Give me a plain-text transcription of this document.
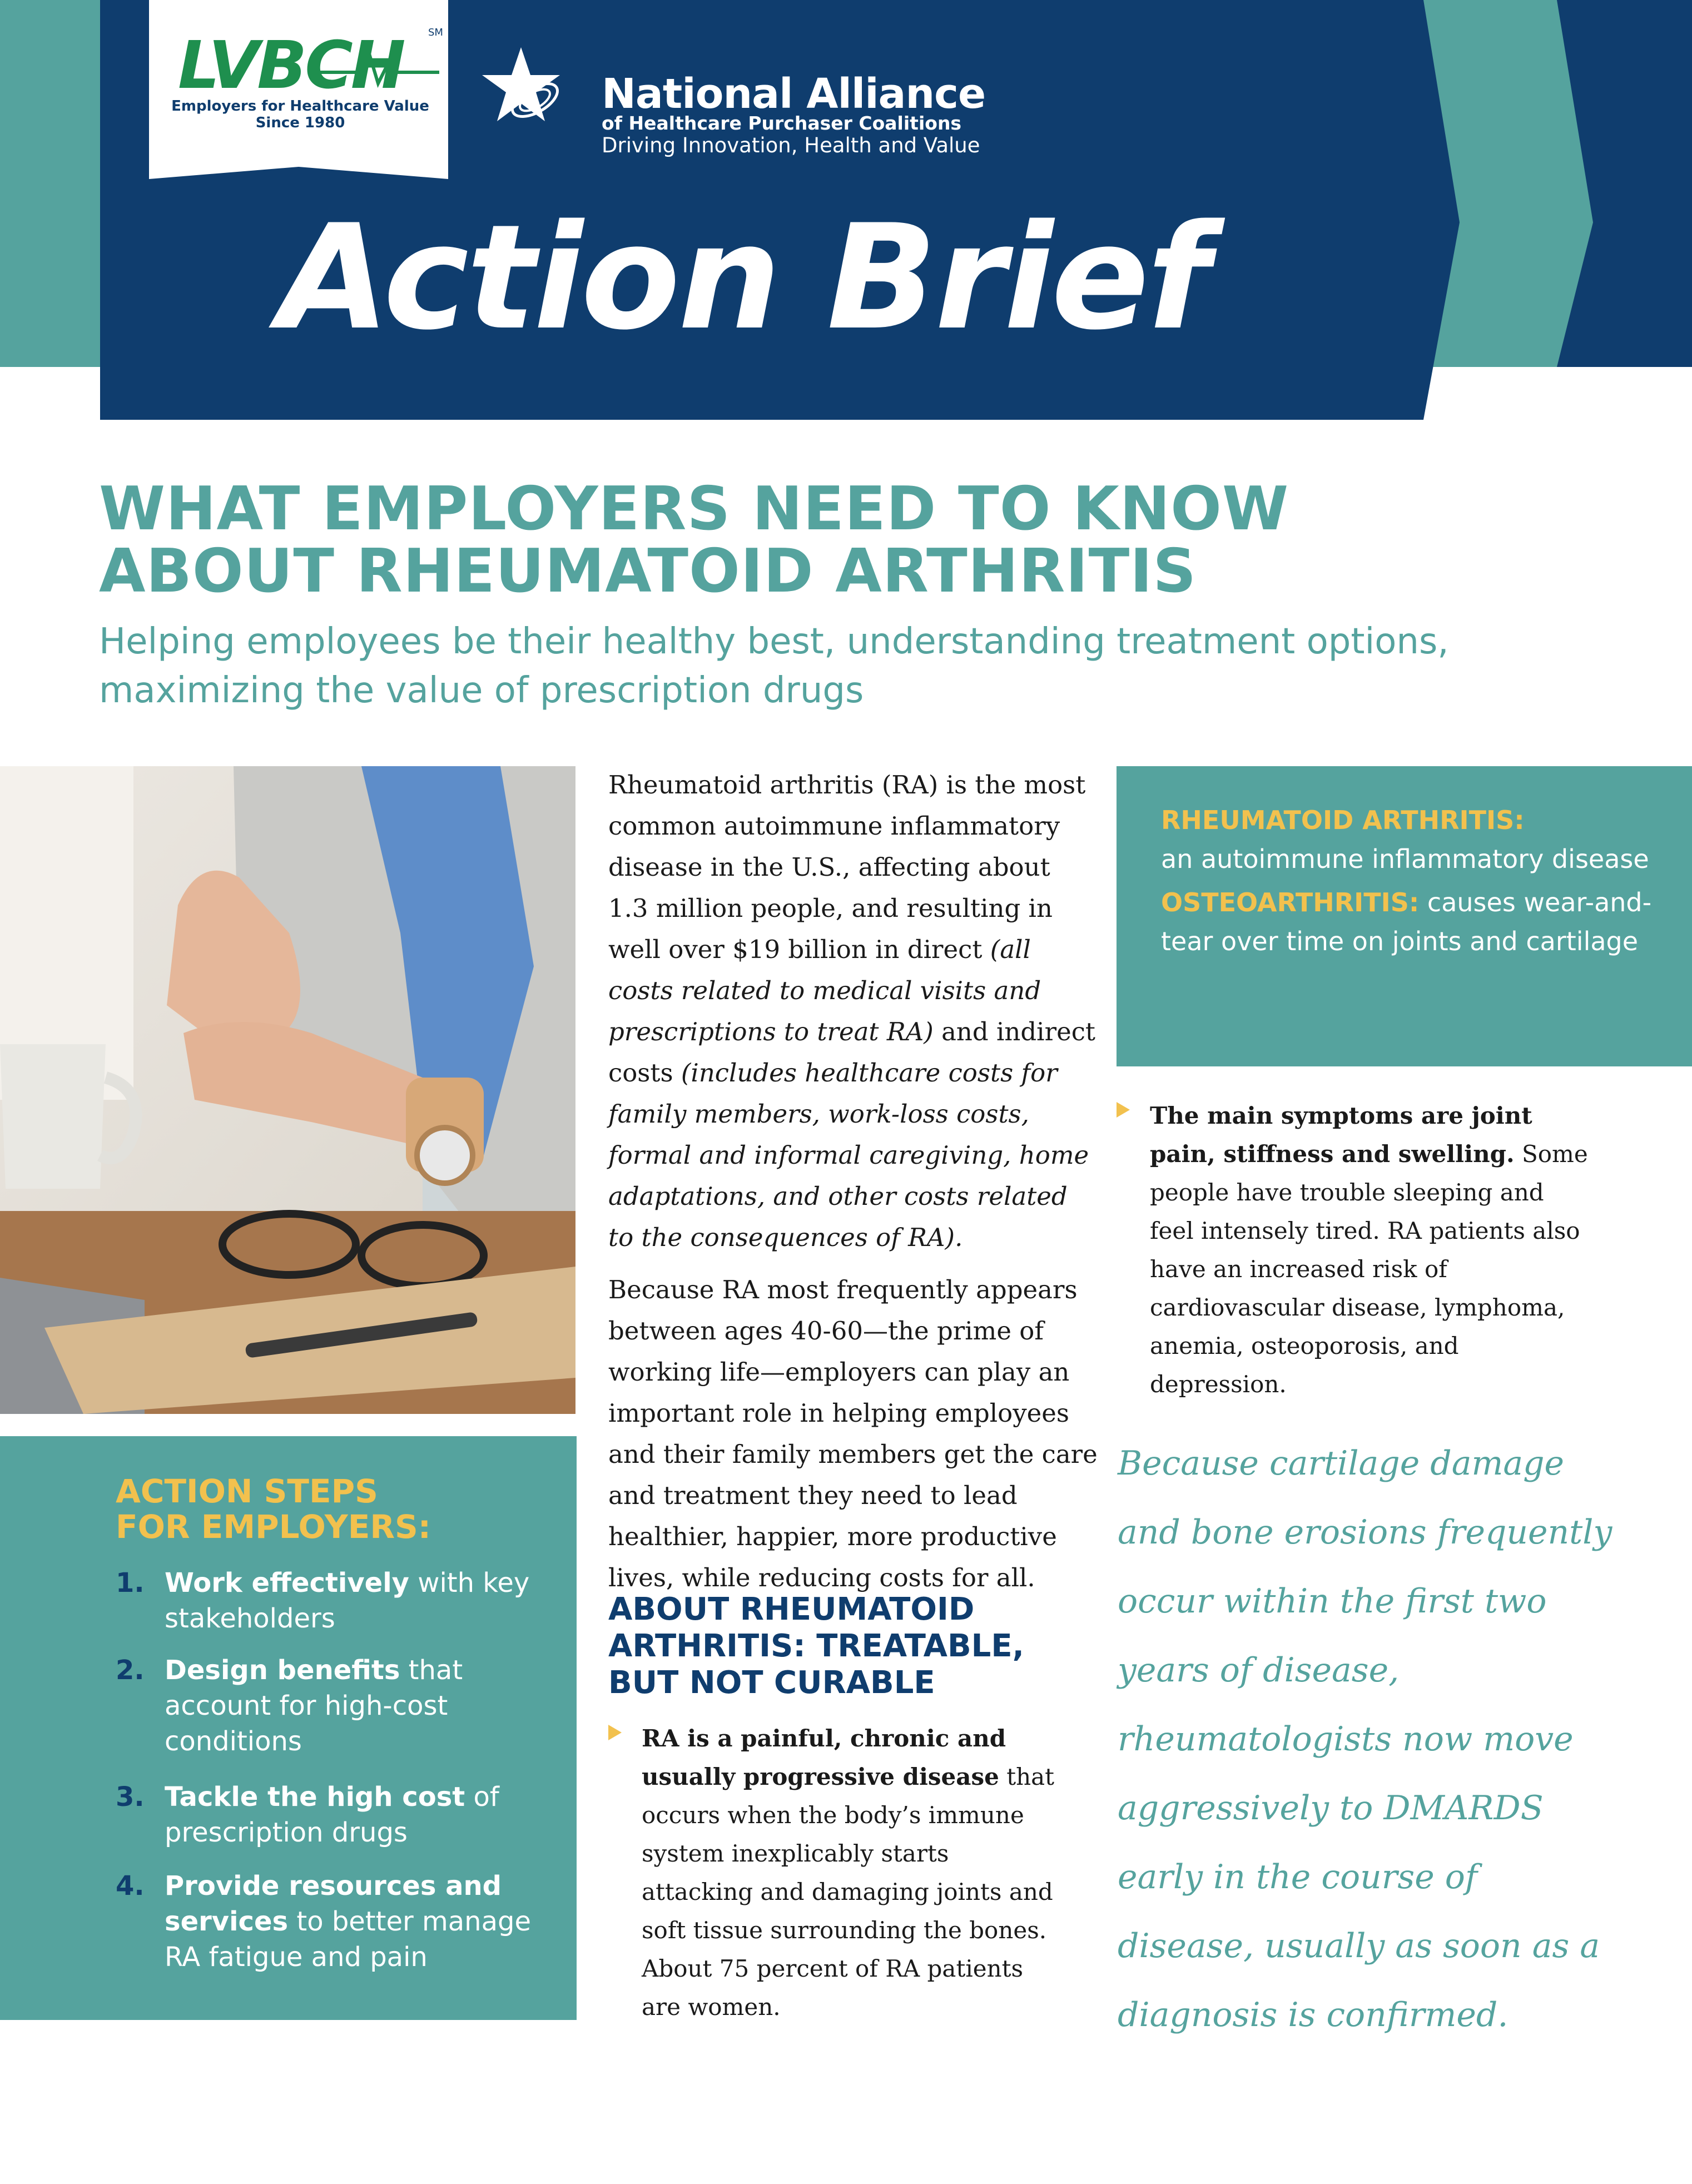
LVBCH SM
Employers for Healthcare Value Since 1980
National Alliance
of Healthcare Purchaser Coalitions
Driving Innovation, Health and Value
Action Brief
WHAT EMPLOYERS NEED TO KNOW
ABOUT RHEUMATOID ARTHRITIS
Helping employees be their healthy best, understanding treatment options,
maximizing the value of prescription drugs
ACTION STEPS
FOR EMPLOYERS:
1. Work effectively with key stakeholders
2. Design benefits that account for high-cost conditions
3. Tackle the high cost of prescription drugs
4. Provide resources and services to better manage RA fatigue and pain

Rheumatoid arthritis (RA) is the most common autoimmune inflammatory disease in the U.S., affecting about 1.3 million people, and resulting in well over $19 billion in direct (all costs related to medical visits and prescriptions to treat RA) and indirect costs (includes healthcare costs for family members, work-loss costs, formal and informal caregiving, home adaptations, and other costs related to the consequences of RA).

Because RA most frequently appears between ages 40-60—the prime of working life—employers can play an important role in helping employees and their family members get the care and treatment they need to lead healthier, happier, more productive lives, while reducing costs for all.

ABOUT RHEUMATOID
ARTHRITIS: TREATABLE,
BUT NOT CURABLE
RA is a painful, chronic and usually progressive disease that occurs when the body’s immune system inexplicably starts attacking and damaging joints and soft tissue surrounding the bones. About 75 percent of RA patients are women.

RHEUMATOID ARTHRITIS:
an autoimmune inflammatory disease

OSTEOARTHRITIS: causes wear-and-tear over time on joints and cartilage

The main symptoms are joint pain, stiffness and swelling. Some people have trouble sleeping and feel intensely tired. RA patients also have an increased risk of cardiovascular disease, lymphoma, anemia, osteoporosis, and depression.
Because cartilage damage and bone erosions frequently occur within the first two years of disease, rheumatologists now move aggressively to DMARDS early in the course of disease, usually as soon as a diagnosis is confirmed.
